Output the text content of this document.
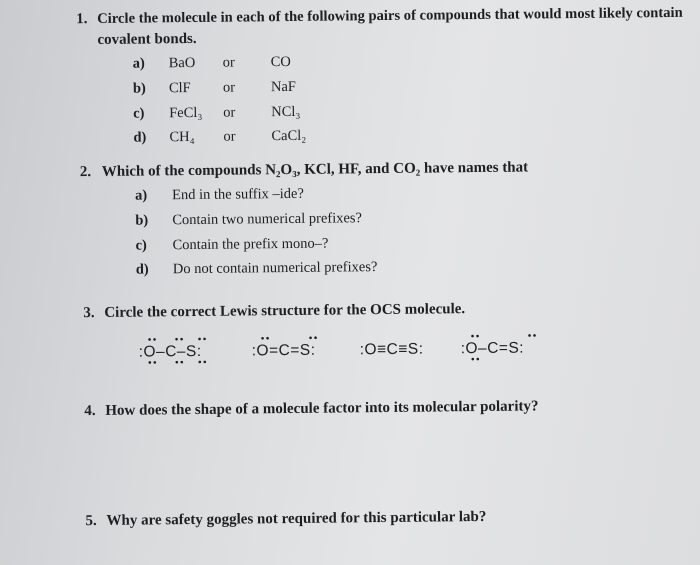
1. Circle the molecule in each of the following pairs of compounds that would most likely contain
covalent bonds.
a) BaO or CO
b) ClF or NaF
c) FeCl₃ or NCl₃
d) CH₄ or CaCl₂
2. Which of the compounds N₂O₃, KCl, HF, and CO₂ have names that
a) End in the suffix –ide?
b) Contain two numerical prefixes?
c) Contain the prefix mono–?
d) Do not contain numerical prefixes?
3. Circle the correct Lewis structure for the OCS molecule.
:O–C–S:	:O=C=S:	:O≡C≡S: :O–C=S:
4. How does the shape of a molecule factor into its molecular polarity?
5. Why are safety goggles not required for this particular lab?
